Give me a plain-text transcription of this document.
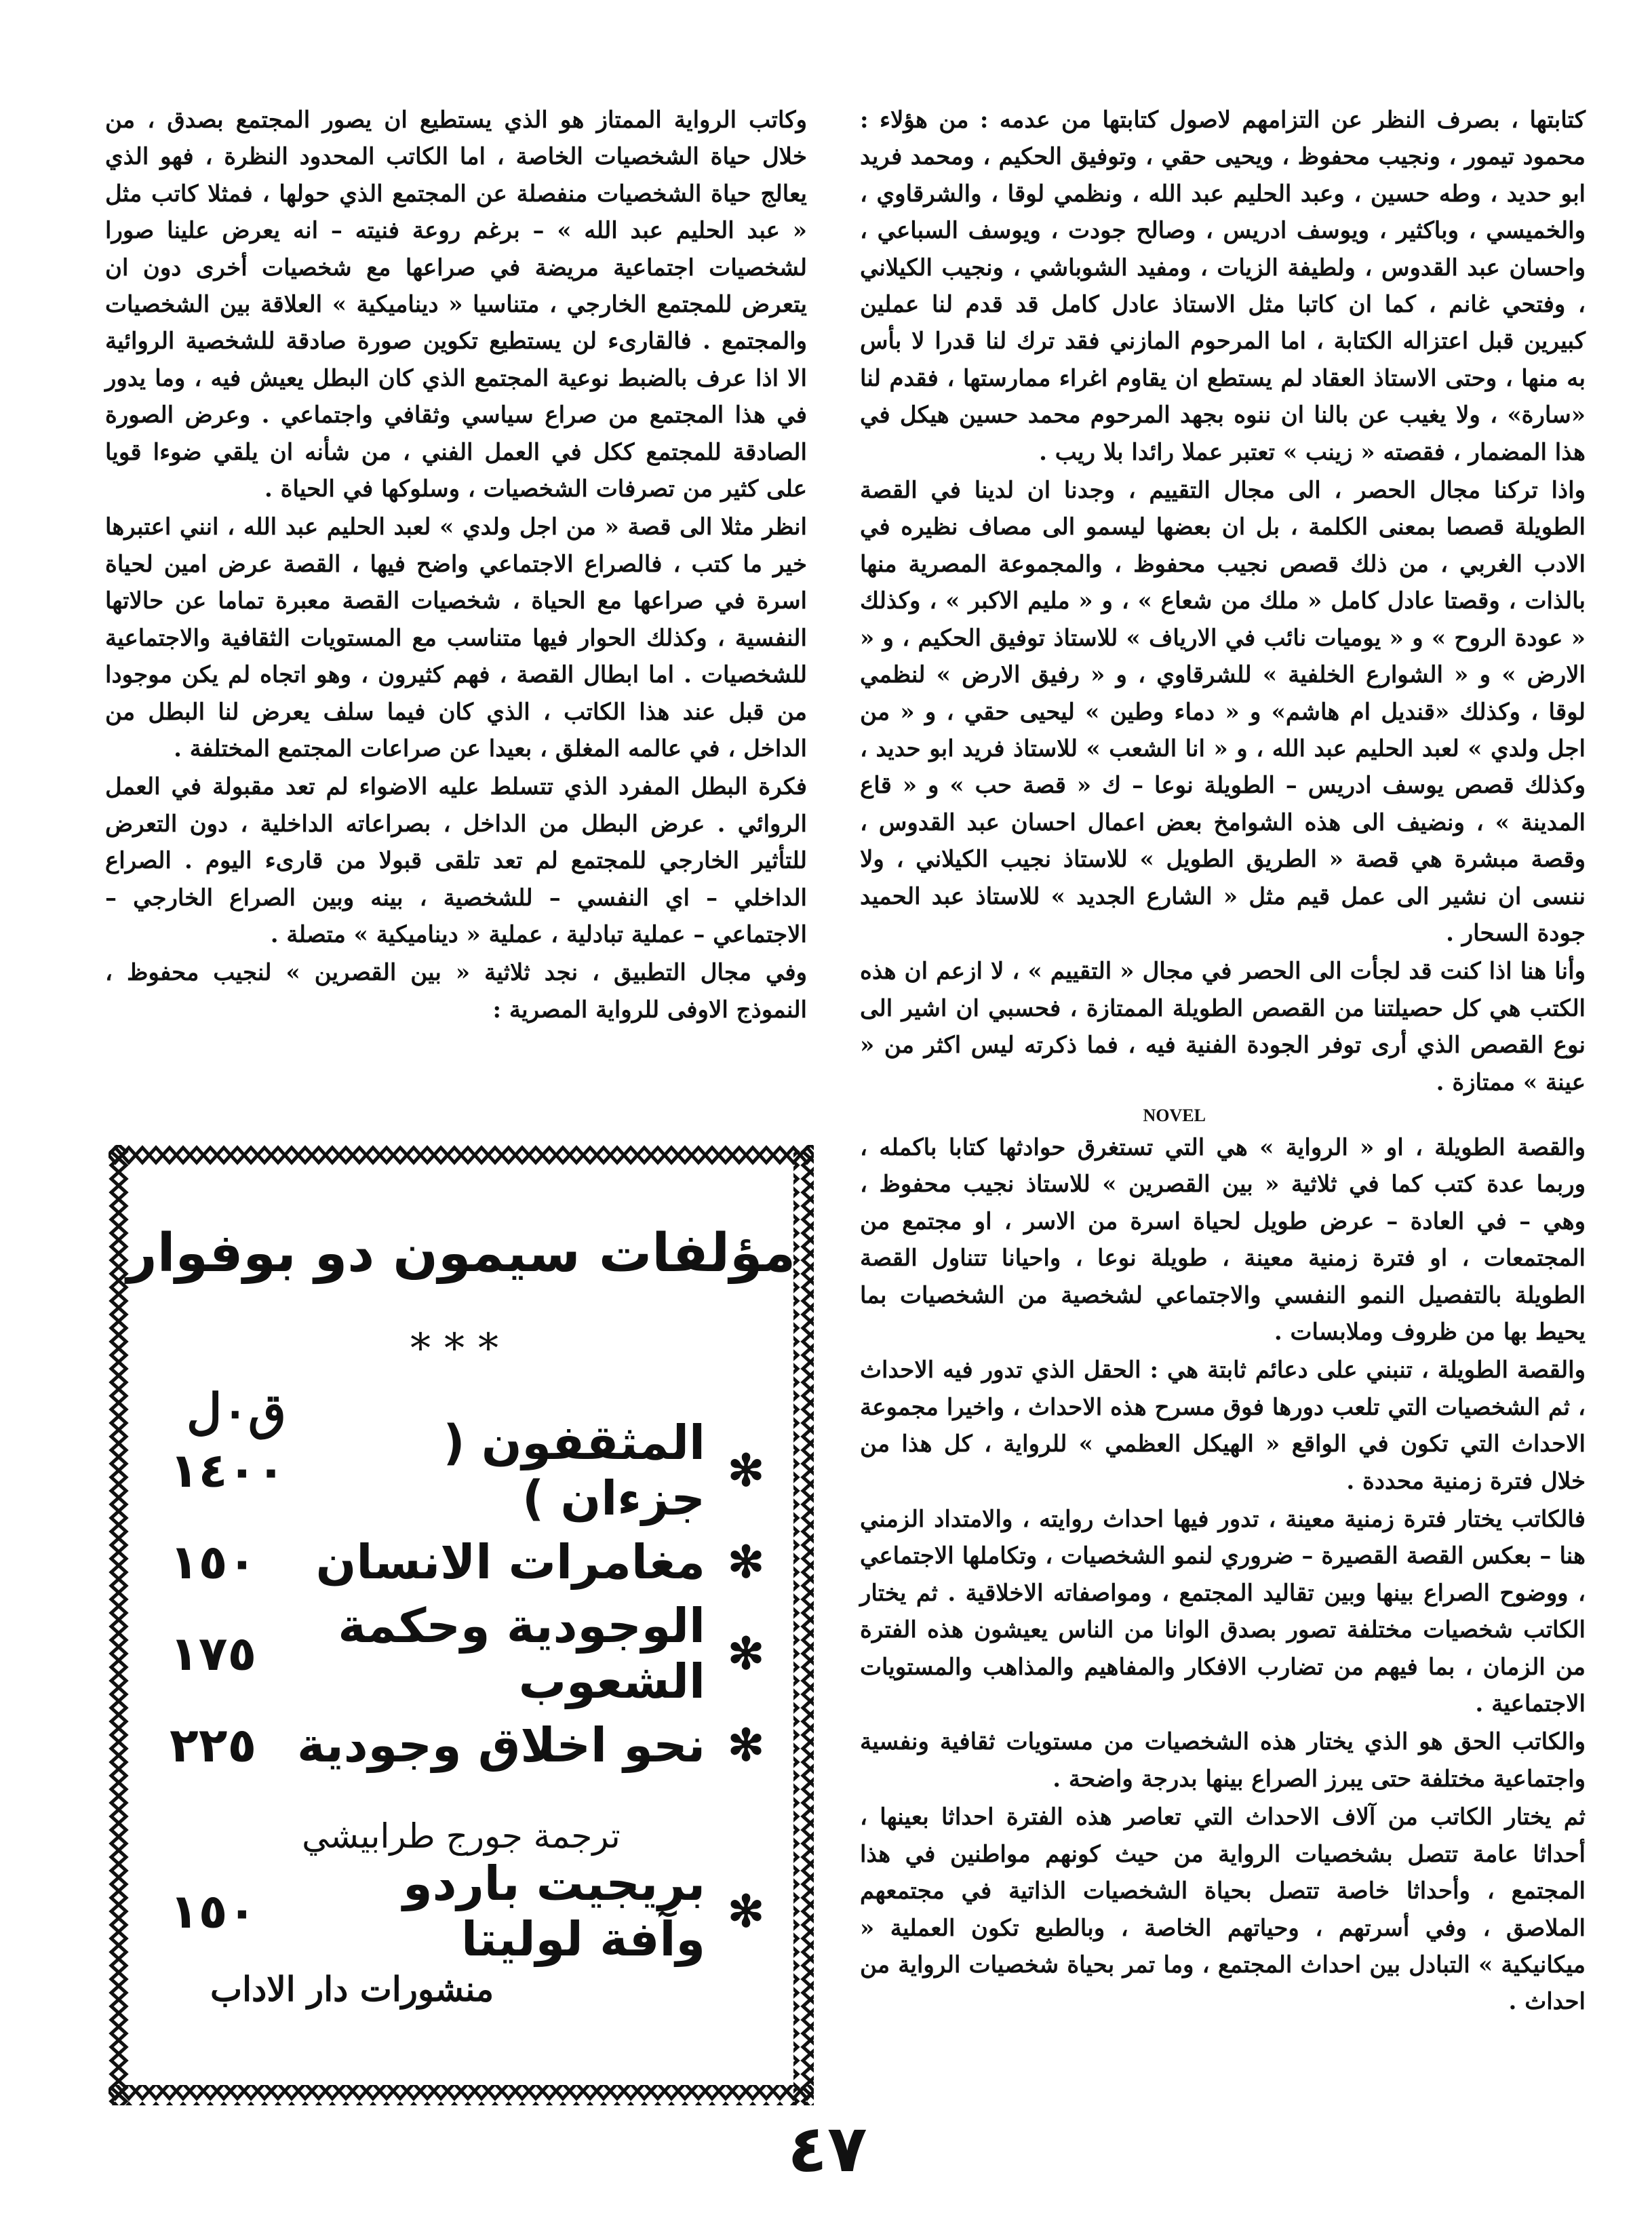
كتابتها ، بصرف النظر عن التزامهم لاصول كتابتها من عدمه : من هؤلاء : محمود تيمور ، ونجيب محفوظ ، ويحيى حقي ، وتوفيق الحكيم ، ومحمد فريد ابو حديد ، وطه حسين ، وعبد الحليم عبد الله ، ونظمي لوقا ، والشرقاوي ، والخميسي ، وباكثير ، ويوسف ادريس ، وصالح جودت ، ويوسف السباعي ، واحسان عبد القدوس ، ولطيفة الزيات ، ومفيد الشوباشي ، ونجيب الكيلاني ، وفتحي غانم ، كما ان كاتبا مثل الاستاذ عادل كامل قد قدم لنا عملين كبيرين قبل اعتزاله الكتابة ، اما المرحوم المازني فقد ترك لنا قدرا لا بأس به منها ، وحتى الاستاذ العقاد لم يستطع ان يقاوم اغراء ممارستها ، فقدم لنا «سارة» ، ولا يغيب عن بالنا ان ننوه بجهد المرحوم محمد حسين هيكل في هذا المضمار ، فقصته « زينب » تعتبر عملا رائدا بلا ريب .

واذا تركنا مجال الحصر ، الى مجال التقييم ، وجدنا ان لدينا في القصة الطويلة قصصا بمعنى الكلمة ، بل ان بعضها ليسمو الى مصاف نظيره في الادب الغربي ، من ذلك قصص نجيب محفوظ ، والمجموعة المصرية منها بالذات ، وقصتا عادل كامل « ملك من شعاع » ، و « مليم الاكبر » ، وكذلك « عودة الروح » و « يوميات نائب في الارياف » للاستاذ توفيق الحكيم ، و « الارض » و « الشوارع الخلفية » للشرقاوي ، و « رفيق الارض » لنظمي لوقا ، وكذلك «قنديل ام هاشم» و « دماء وطين » ليحيى حقي ، و « من اجل ولدي » لعبد الحليم عبد الله ، و « انا الشعب » للاستاذ فريد ابو حديد ، وكذلك قصص يوسف ادريس – الطويلة نوعا – ك « قصة حب » و « قاع المدينة » ، ونضيف الى هذه الشوامخ بعض اعمال احسان عبد القدوس ، وقصة مبشرة هي قصة « الطريق الطويل » للاستاذ نجيب الكيلاني ، ولا ننسى ان نشير الى عمل قيم مثل « الشارع الجديد » للاستاذ عبد الحميد جودة السحار .

وأنا هنا اذا كنت قد لجأت الى الحصر في مجال « التقييم » ، لا ازعم ان هذه الكتب هي كل حصيلتنا من القصص الطويلة الممتازة ، فحسبي ان اشير الى نوع القصص الذي أرى توفر الجودة الفنية فيه ، فما ذكرته ليس اكثر من « عينة » ممتازة .

NOVEL

والقصة الطويلة ، او « الرواية » هي التي تستغرق حوادثها كتابا باكمله ، وربما عدة كتب كما في ثلاثية « بين القصرين » للاستاذ نجيب محفوظ ، وهي – في العادة – عرض طويل لحياة اسرة من الاسر ، او مجتمع من المجتمعات ، او فترة زمنية معينة ، طويلة نوعا ، واحيانا تتناول القصة الطويلة بالتفصيل النمو النفسي والاجتماعي لشخصية من الشخصيات بما يحيط بها من ظروف وملابسات .

والقصة الطويلة ، تنبني على دعائم ثابتة هي : الحقل الذي تدور فيه الاحداث ، ثم الشخصيات التي تلعب دورها فوق مسرح هذه الاحداث ، واخيرا مجموعة الاحداث التي تكون في الواقع « الهيكل العظمي » للرواية ، كل هذا من خلال فترة زمنية محددة .

فالكاتب يختار فترة زمنية معينة ، تدور فيها احداث روايته ، والامتداد الزمني هنا – بعكس القصة القصيرة – ضروري لنمو الشخصيات ، وتكاملها الاجتماعي ، ووضوح الصراع بينها وبين تقاليد المجتمع ، ومواصفاته الاخلاقية . ثم يختار الكاتب شخصيات مختلفة تصور بصدق الوانا من الناس يعيشون هذه الفترة من الزمان ، بما فيهم من تضارب الافكار والمفاهيم والمذاهب والمستويات الاجتماعية .

والكاتب الحق هو الذي يختار هذه الشخصيات من مستويات ثقافية ونفسية واجتماعية مختلفة حتى يبرز الصراع بينها بدرجة واضحة .

ثم يختار الكاتب من آلاف الاحداث التي تعاصر هذه الفترة احداثا بعينها ، أحداثا عامة تتصل بشخصيات الرواية من حيث كونهم مواطنين في هذا المجتمع ، وأحداثا خاصة تتصل بحياة الشخصيات الذاتية في مجتمعهم الملاصق ، وفي أسرتهم ، وحياتهم الخاصة ، وبالطبع تكون العملية « ميكانيكية » التبادل بين احداث المجتمع ، وما تمر بحياة شخصيات الرواية من احداث .

وكاتب الرواية الممتاز هو الذي يستطيع ان يصور المجتمع بصدق ، من خلال حياة الشخصيات الخاصة ، اما الكاتب المحدود النظرة ، فهو الذي يعالج حياة الشخصيات منفصلة عن المجتمع الذي حولها ، فمثلا كاتب مثل « عبد الحليم عبد الله » – برغم روعة فنيته – انه يعرض علينا صورا لشخصيات اجتماعية مريضة في صراعها مع شخصيات أخرى دون ان يتعرض للمجتمع الخارجي ، متناسيا « ديناميكية » العلاقة بين الشخصيات والمجتمع . فالقارىء لن يستطيع تكوين صورة صادقة للشخصية الروائية الا اذا عرف بالضبط نوعية المجتمع الذي كان البطل يعيش فيه ، وما يدور في هذا المجتمع من صراع سياسي وثقافي واجتماعي . وعرض الصورة الصادقة للمجتمع ككل في العمل الفني ، من شأنه ان يلقي ضوءا قويا على كثير من تصرفات الشخصيات ، وسلوكها في الحياة .

انظر مثلا الى قصة « من اجل ولدي » لعبد الحليم عبد الله ، انني اعتبرها خير ما كتب ، فالصراع الاجتماعي واضح فيها ، القصة عرض امين لحياة اسرة في صراعها مع الحياة ، شخصيات القصة معبرة تماما عن حالاتها النفسية ، وكذلك الحوار فيها متناسب مع المستويات الثقافية والاجتماعية للشخصيات . اما ابطال القصة ، فهم كثيرون ، وهو اتجاه لم يكن موجودا من قبل عند هذا الكاتب ، الذي كان فيما سلف يعرض لنا البطل من الداخل ، في عالمه المغلق ، بعيدا عن صراعات المجتمع المختلفة .

فكرة البطل المفرد الذي تتسلط عليه الاضواء لم تعد مقبولة في العمل الروائي . عرض البطل من الداخل ، بصراعاته الداخلية ، دون التعرض للتأثير الخارجي للمجتمع لم تعد تلقى قبولا من قارىء اليوم . الصراع الداخلي – اي النفسي – للشخصية ، بينه وبين الصراع الخارجي – الاجتماعي – عملية تبادلية ، عملية « ديناميكية » متصلة .

وفي مجال التطبيق ، نجد ثلاثية « بين القصرين » لنجيب محفوظ ، النموذج الاوفى للرواية المصرية :

مؤلفات سيمون دو بوفوار
***
ق٠ل
✻
المثقفون ( جزءان )
١٤٠٠
✻
مغامرات الانسان
١٥٠
✻
الوجودية وحكمة الشعوب
١٧٥
✻
نحو اخلاق وجودية
٢٢٥
ترجمة جورج طرابيشي
✻
بريجيت باردو وآفة لوليتا
١٥٠
منشورات دار الاداب
٤٧
